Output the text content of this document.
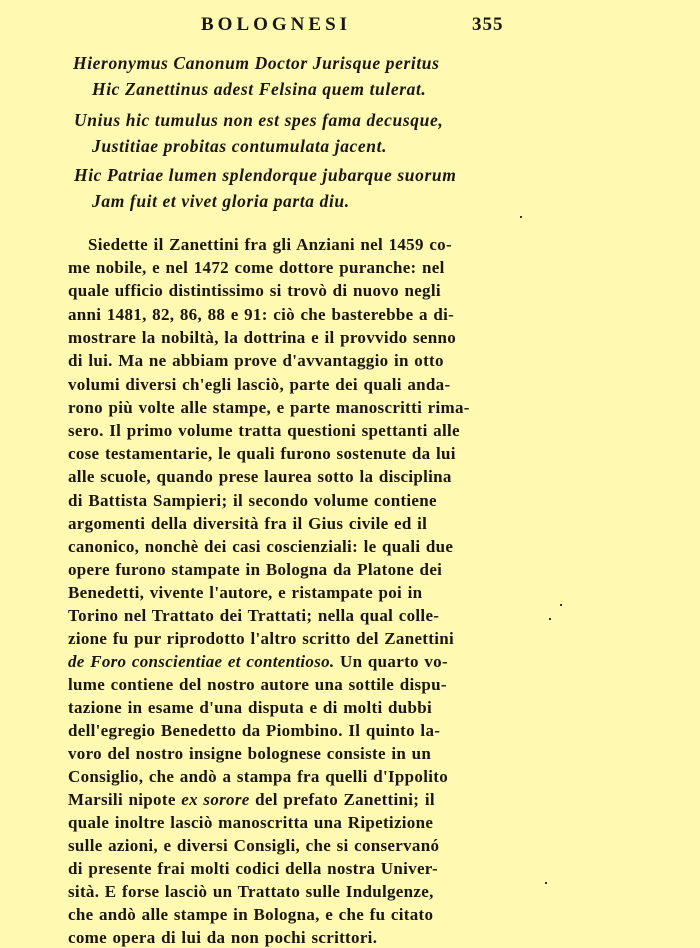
BOLOGNESI	355
Hieronymus Canonum Doctor Jurisque peritus
Hic Zanettinus adest Felsina quem tulerat.
Unius hic tumulus non est spes fama decusque,
Justitiae probitas contumulata jacent.
Hic Patriae lumen splendorque jubarque suorum
Jam fuit et vivet gloria parta diu.
Siedette il Zanettini fra gli Anziani nel 1459 co-
me nobile, e nel 1472 come dottore puranche: nel
quale ufficio distintissimo si trovò di nuovo negli
anni 1481, 82, 86, 88 e 91: ciò che basterebbe a di-
mostrare la nobiltà, la dottrina e il provvido senno
di lui. Ma ne abbiam prove d'avvantaggio in otto
volumi diversi ch'egli lasciò, parte dei quali anda-
rono più volte alle stampe, e parte manoscritti rima-
sero. Il primo volume tratta questioni spettanti alle
cose testamentarie, le quali furono sostenute da lui
alle scuole, quando prese laurea sotto la disciplina
di Battista Sampieri; il secondo volume contiene
argomenti della diversità fra il Gius civile ed il
canonico, nonchè dei casi coscienziali: le quali due
opere furono stampate in Bologna da Platone dei
Benedetti, vivente l'autore, e ristampate poi in
Torino nel Trattato dei Trattati; nella qual colle-
zione fu pur riprodotto l'altro scritto del Zanettini
de Foro conscientiae et contentioso. Un quarto vo-
lume contiene del nostro autore una sottile dispu-
tazione in esame d'una disputa e di molti dubbi
dell'egregio Benedetto da Piombino. Il quinto la-
voro del nostro insigne bolognese consiste in un
Consiglio, che andò a stampa fra quelli d'Ippolito
Marsili nipote ex sorore del prefato Zanettini; il
quale inoltre lasciò manoscritta una Ripetizione
sulle azioni, e diversi Consigli, che si conservanó
di presente frai molti codici della nostra Univer-
sità. E forse lasciò un Trattato sulle Indulgenze,
che andò alle stampe in Bologna, e che fu citato
come opera di lui da non pochi scrittori.
